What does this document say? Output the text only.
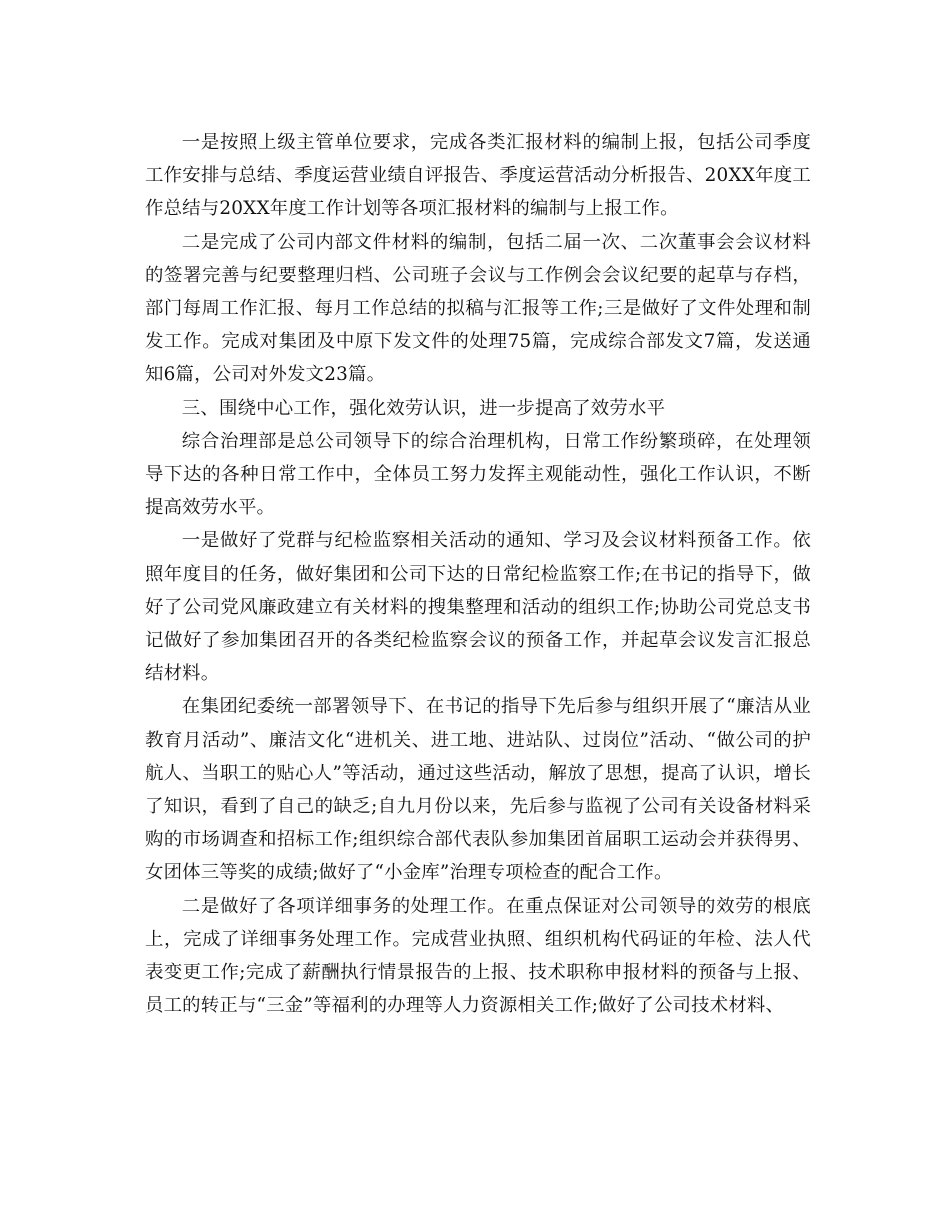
一是按照上级主管单位要求，完成各类汇报材料的编制上报，包括公司季度工作安排与总结、季度运营业绩自评报告、季度运营活动分析报告、20XX年度工作总结与20XX年度工作计划等各项汇报材料的编制与上报工作。

二是完成了公司内部文件材料的编制，包括二届一次、二次董事会会议材料的签署完善与纪要整理归档、公司班子会议与工作例会会议纪要的起草与存档，部门每周工作汇报、每月工作总结的拟稿与汇报等工作;三是做好了文件处理和制发工作。完成对集团及中原下发文件的处理75篇，完成综合部发文7篇，发送通知6篇，公司对外发文23篇。

三、围绕中心工作，强化效劳认识，进一步提高了效劳水平

综合治理部是总公司领导下的综合治理机构，日常工作纷繁琐碎，在处理领导下达的各种日常工作中，全体员工努力发挥主观能动性，强化工作认识，不断提高效劳水平。

一是做好了党群与纪检监察相关活动的通知、学习及会议材料预备工作。依照年度目的任务，做好集团和公司下达的日常纪检监察工作;在书记的指导下，做好了公司党风廉政建立有关材料的搜集整理和活动的组织工作;协助公司党总支书记做好了参加集团召开的各类纪检监察会议的预备工作，并起草会议发言汇报总结材料。

在集团纪委统一部署领导下、在书记的指导下先后参与组织开展了“廉洁从业教育月活动”、廉洁文化“进机关、进工地、进站队、过岗位”活动、“做公司的护航人、当职工的贴心人”等活动，通过这些活动，解放了思想，提高了认识，增长了知识，看到了自己的缺乏;自九月份以来，先后参与监视了公司有关设备材料采购的市场调查和招标工作;组织综合部代表队参加集团首届职工运动会并获得男、女团体三等奖的成绩;做好了“小金库”治理专项检查的配合工作。

二是做好了各项详细事务的处理工作。在重点保证对公司领导的效劳的根底上，完成了详细事务处理工作。完成营业执照、组织机构代码证的年检、法人代表变更工作;完成了薪酬执行情景报告的上报、技术职称申报材料的预备与上报、员工的转正与“三金”等福利的办理等人力资源相关工作;做好了公司技术材料、
